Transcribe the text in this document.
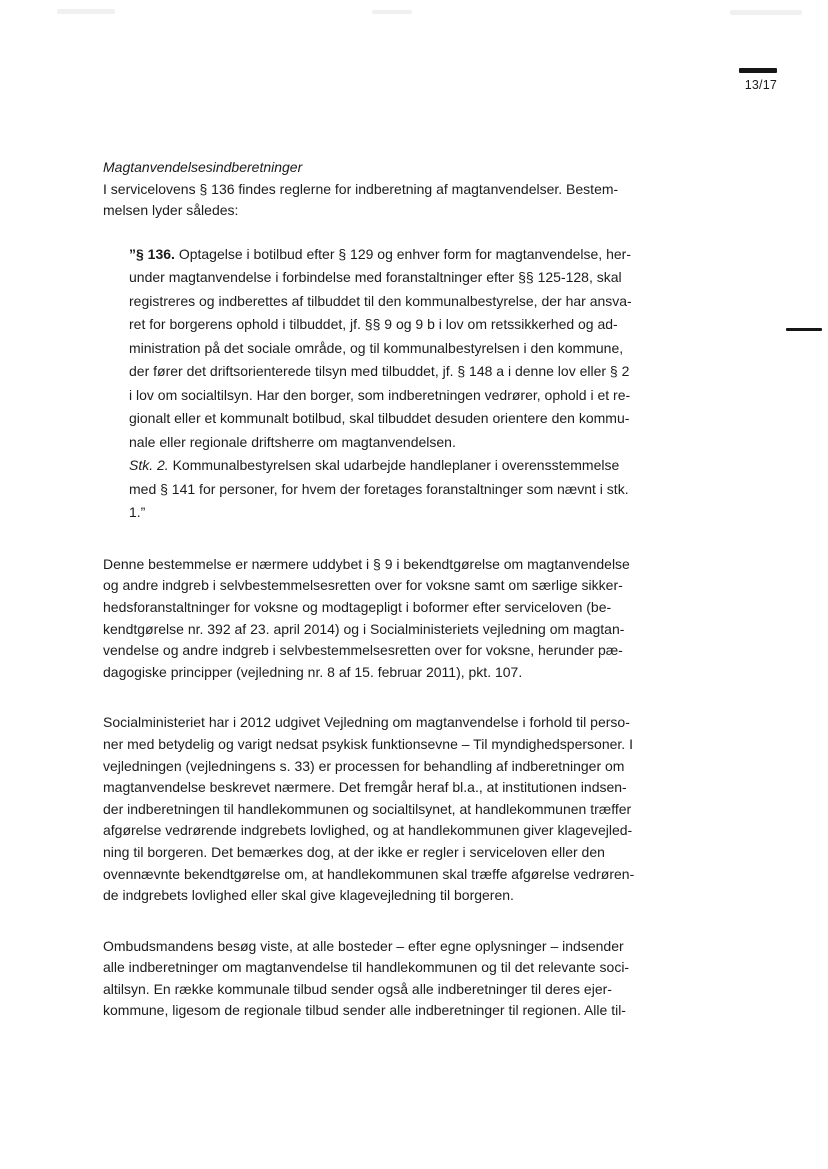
13/17
Magtanvendelsesindberetninger
I servicelovens § 136 findes reglerne for indberetning af magtanvendelser. Bestem-
melsen lyder således:
”§ 136. Optagelse i botilbud efter § 129 og enhver form for magtanvendelse, her-
under magtanvendelse i forbindelse med foranstaltninger efter §§ 125-128, skal
registreres og indberettes af tilbuddet til den kommunalbestyrelse, der har ansva-
ret for borgerens ophold i tilbuddet, jf. §§ 9 og 9 b i lov om retssikkerhed og ad-
ministration på det sociale område, og til kommunalbestyrelsen i den kommune,
der fører det driftsorienterede tilsyn med tilbuddet, jf. § 148 a i denne lov eller § 2
i lov om socialtilsyn. Har den borger, som indberetningen vedrører, ophold i et re-
gionalt eller et kommunalt botilbud, skal tilbuddet desuden orientere den kommu-
nale eller regionale driftsherre om magtanvendelsen.
Stk. 2. Kommunalbestyrelsen skal udarbejde handleplaner i overensstemmelse
med § 141 for personer, for hvem der foretages foranstaltninger som nævnt i stk.
1.”
Denne bestemmelse er nærmere uddybet i § 9 i bekendtgørelse om magtanvendelse
og andre indgreb i selvbestemmelsesretten over for voksne samt om særlige sikker-
hedsforanstaltninger for voksne og modtagepligt i boformer efter serviceloven (be-
kendtgørelse nr. 392 af 23. april 2014) og i Socialministeriets vejledning om magtan-
vendelse og andre indgreb i selvbestemmelsesretten over for voksne, herunder pæ-
dagogiske principper (vejledning nr. 8 af 15. februar 2011), pkt. 107.
Socialministeriet har i 2012 udgivet Vejledning om magtanvendelse i forhold til perso-
ner med betydelig og varigt nedsat psykisk funktionsevne – Til myndighedspersoner. I
vejledningen (vejledningens s. 33) er processen for behandling af indberetninger om
magtanvendelse beskrevet nærmere. Det fremgår heraf bl.a., at institutionen indsen-
der indberetningen til handlekommunen og socialtilsynet, at handlekommunen træffer
afgørelse vedrørende indgrebets lovlighed, og at handlekommunen giver klagevejled-
ning til borgeren. Det bemærkes dog, at der ikke er regler i serviceloven eller den
ovennævnte bekendtgørelse om, at handlekommunen skal træffe afgørelse vedrøren-
de indgrebets lovlighed eller skal give klagevejledning til borgeren.
Ombudsmandens besøg viste, at alle bosteder – efter egne oplysninger – indsender
alle indberetninger om magtanvendelse til handlekommunen og til det relevante soci-
altilsyn. En række kommunale tilbud sender også alle indberetninger til deres ejer-
kommune, ligesom de regionale tilbud sender alle indberetninger til regionen. Alle til-
